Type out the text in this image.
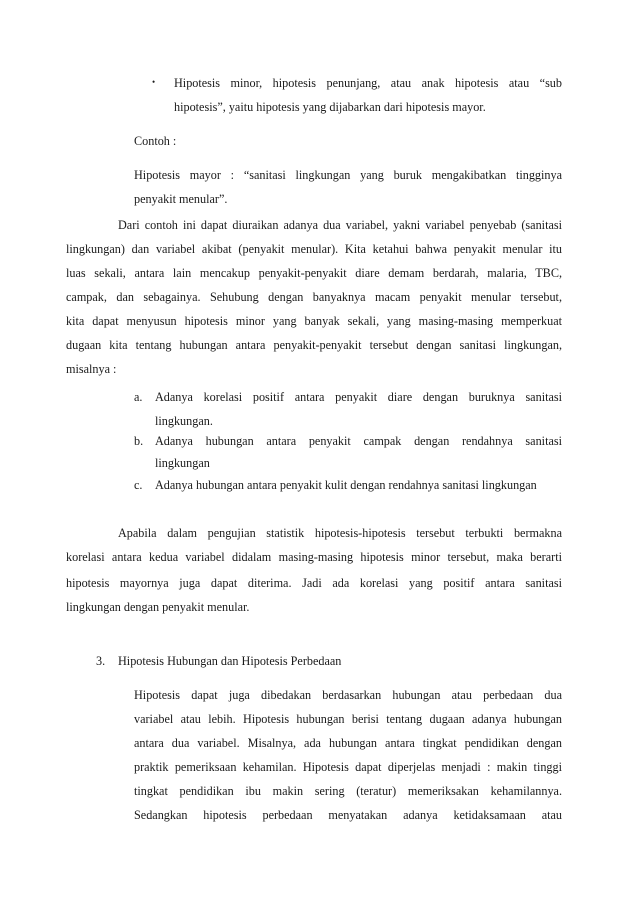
• Hipotesis minor, hipotesis penunjang, atau anak hipotesis atau “sub
hipotesis”, yaitu hipotesis yang dijabarkan dari hipotesis mayor.
Contoh :
Hipotesis mayor : “sanitasi lingkungan yang buruk mengakibatkan tingginya
penyakit menular”.
Dari contoh ini dapat diuraikan adanya dua variabel, yakni variabel penyebab (sanitasi
lingkungan) dan variabel akibat (penyakit menular). Kita ketahui bahwa penyakit menular itu
luas sekali, antara lain mencakup penyakit-penyakit diare demam berdarah, malaria, TBC,
campak, dan sebagainya. Sehubung dengan banyaknya macam penyakit menular tersebut,
kita dapat menyusun hipotesis minor yang banyak sekali, yang masing-masing memperkuat
dugaan kita tentang hubungan antara penyakit-penyakit tersebut dengan sanitasi lingkungan,
misalnya :
a. Adanya korelasi positif antara penyakit diare dengan buruknya sanitasi
lingkungan.
b. Adanya hubungan antara penyakit campak dengan rendahnya sanitasi
lingkungan
c. Adanya hubungan antara penyakit kulit dengan rendahnya sanitasi lingkungan
Apabila dalam pengujian statistik hipotesis-hipotesis tersebut terbukti bermakna
korelasi antara kedua variabel didalam masing-masing hipotesis minor tersebut, maka berarti
hipotesis mayornya juga dapat diterima. Jadi ada korelasi yang positif antara sanitasi
lingkungan dengan penyakit menular.
3. Hipotesis Hubungan dan Hipotesis Perbedaan
Hipotesis dapat juga dibedakan berdasarkan hubungan atau perbedaan dua
variabel atau lebih. Hipotesis hubungan berisi tentang dugaan adanya hubungan
antara dua variabel. Misalnya, ada hubungan antara tingkat pendidikan dengan
praktik pemeriksaan kehamilan. Hipotesis dapat diperjelas menjadi : makin tinggi
tingkat pendidikan ibu makin sering (teratur) memeriksakan kehamilannya.
Sedangkan hipotesis perbedaan menyatakan adanya ketidaksamaan atau
